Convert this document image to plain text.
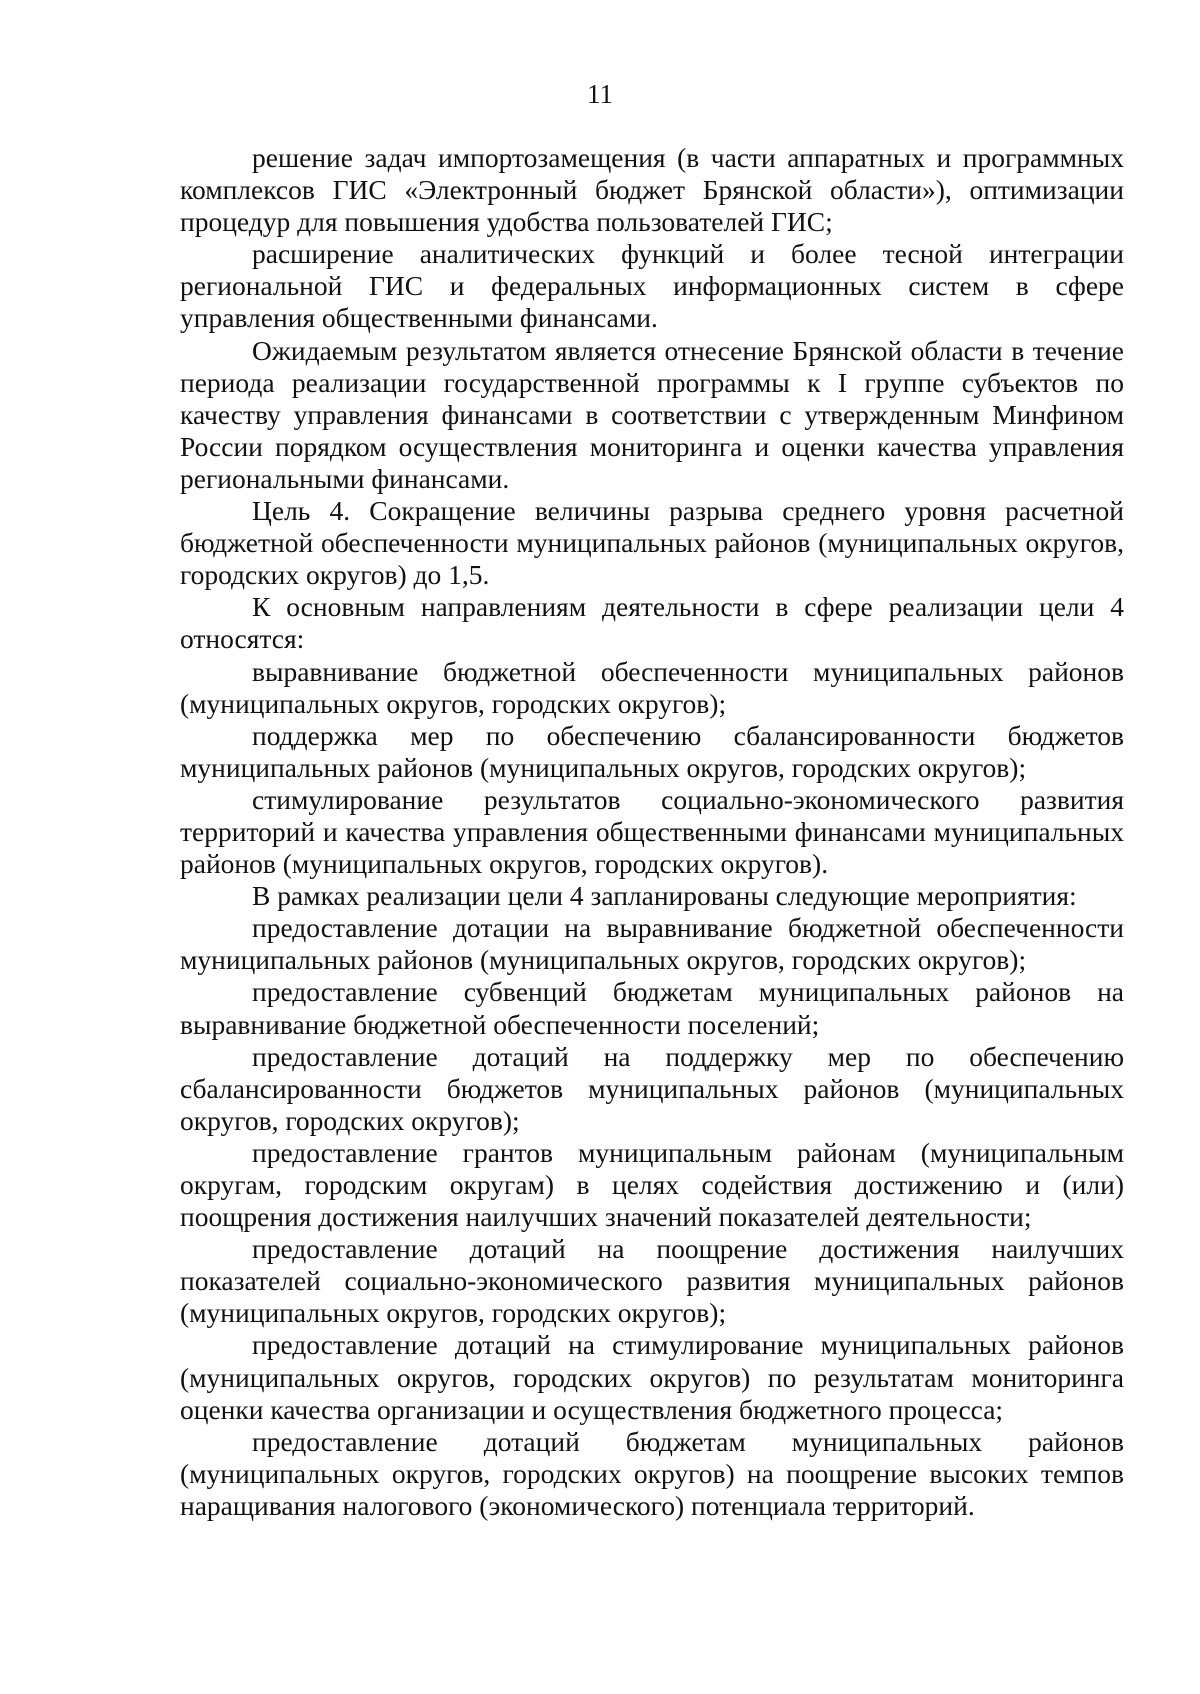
11

решение задач импортозамещения (в части аппаратных и программных комплексов ГИС «Электронный бюджет Брянской области»), оптимизации процедур для повышения удобства пользователей ГИС;

расширение аналитических функций и более тесной интеграции региональной ГИС и федеральных информационных систем в сфере управления общественными финансами.

Ожидаемым результатом является отнесение Брянской области в течение периода реализации государственной программы к I группе субъектов по качеству управления финансами в соответствии с утвержденным Минфином России порядком осуществления мониторинга и оценки качества управления региональными финансами.

Цель 4. Сокращение величины разрыва среднего уровня расчетной бюджетной обеспеченности муниципальных районов (муниципальных округов, городских округов) до 1,5.

К основным направлениям деятельности в сфере реализации цели 4 относятся:

выравнивание бюджетной обеспеченности муниципальных районов (муниципальных округов, городских округов);

поддержка мер по обеспечению сбалансированности бюджетов муниципальных районов (муниципальных округов, городских округов);

стимулирование результатов социально-экономического развития территорий и качества управления общественными финансами муниципальных районов (муниципальных округов, городских округов).

В рамках реализации цели 4 запланированы следующие мероприятия:

предоставление дотации на выравнивание бюджетной обеспеченности муниципальных районов (муниципальных округов, городских округов);

предоставление субвенций бюджетам муниципальных районов на выравнивание бюджетной обеспеченности поселений;

предоставление дотаций на поддержку мер по обеспечению сбалансированности бюджетов муниципальных районов (муниципальных округов, городских округов);

предоставление грантов муниципальным районам (муниципальным округам, городским округам) в целях содействия достижению и (или) поощрения достижения наилучших значений показателей деятельности;

предоставление дотаций на поощрение достижения наилучших показателей социально-экономического развития муниципальных районов (муниципальных округов, городских округов);

предоставление дотаций на стимулирование муниципальных районов (муниципальных округов, городских округов) по результатам мониторинга оценки качества организации и осуществления бюджетного процесса;

предоставление дотаций бюджетам муниципальных районов (муниципальных округов, городских округов) на поощрение высоких темпов наращивания налогового (экономического) потенциала территорий.
